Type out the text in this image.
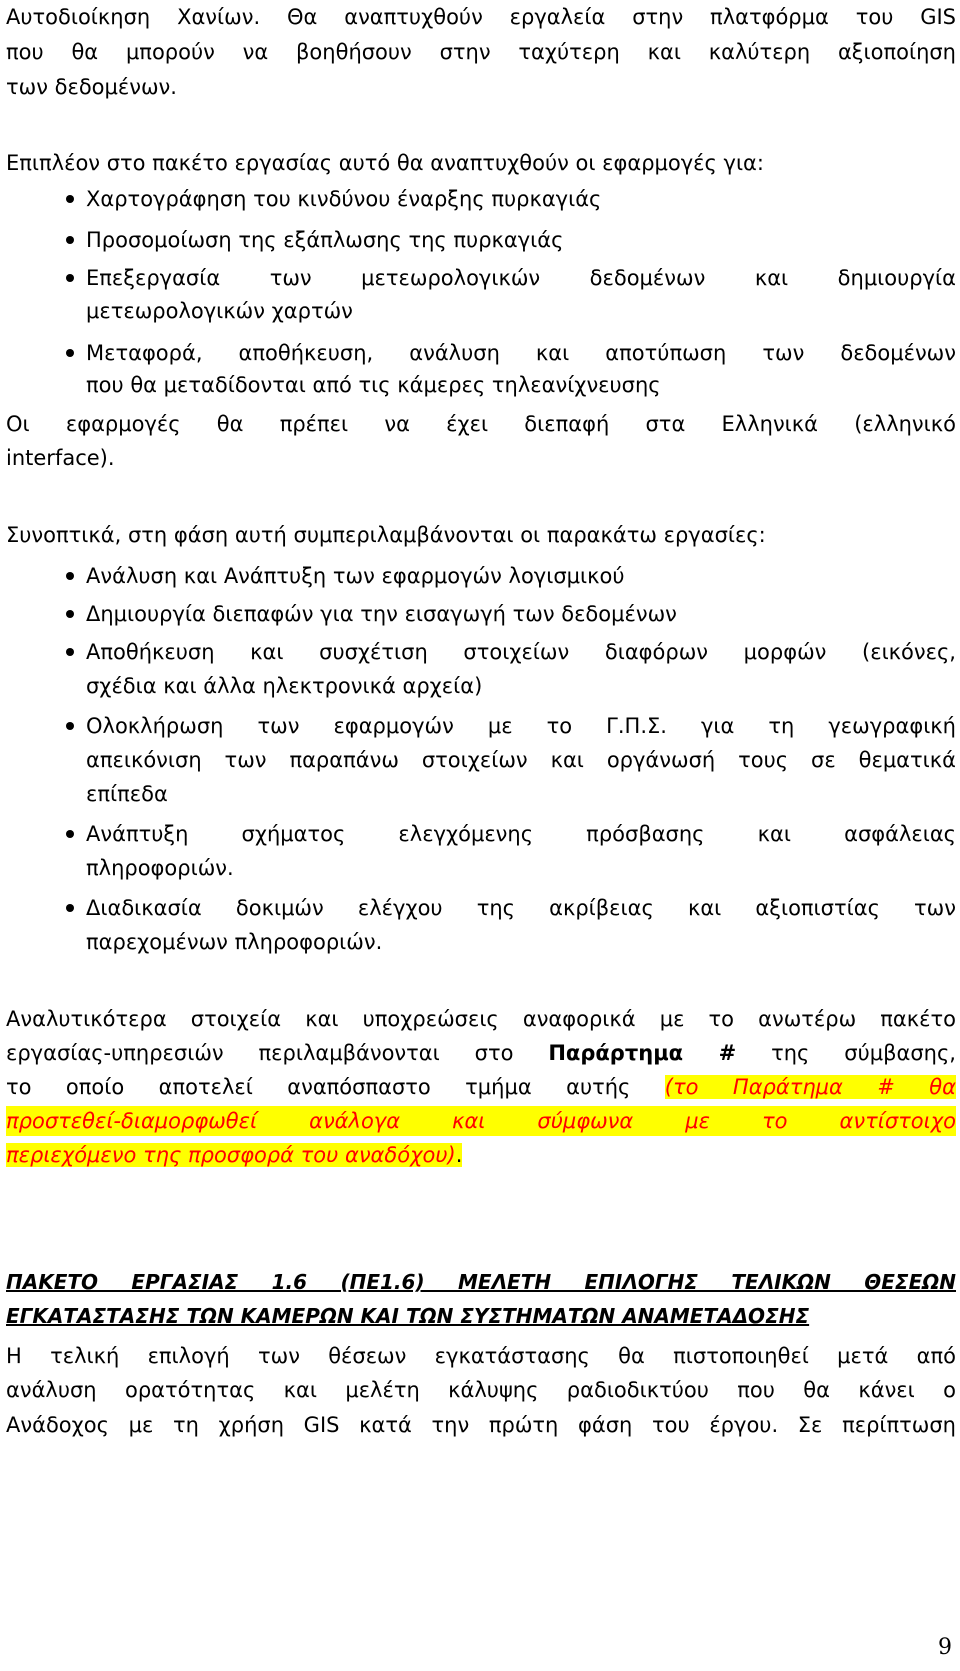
Αυτοδιοίκηση Χανίων. Θα αναπτυχθούν εργαλεία στην πλατφόρμα του GIS
που θα μπορούν να βοηθήσουν στην ταχύτερη και καλύτερη αξιοποίηση
των δεδομένων.
Επιπλέον στο πακέτο εργασίας αυτό θα αναπτυχθούν οι εφαρμογές για:
Χαρτογράφηση του κινδύνου έναρξης πυρκαγιάς
Προσομοίωση της εξάπλωσης της πυρκαγιάς
Επεξεργασία των μετεωρολογικών δεδομένων και δημιουργία
μετεωρολογικών χαρτών
Μεταφορά, αποθήκευση, ανάλυση και αποτύπωση των δεδομένων
που θα μεταδίδονται από τις κάμερες τηλεανίχνευσης
Οι εφαρμογές θα πρέπει να έχει διεπαφή στα Ελληνικά (ελληνικό
interface).
Συνοπτικά, στη φάση αυτή συμπεριλαμβάνονται οι παρακάτω εργασίες:
Ανάλυση και Ανάπτυξη των εφαρμογών λογισμικού
Δημιουργία διεπαφών για την εισαγωγή των δεδομένων
Αποθήκευση και συσχέτιση στοιχείων διαφόρων μορφών (εικόνες,
σχέδια και άλλα ηλεκτρονικά αρχεία)
Ολοκλήρωση των εφαρμογών με το Γ.Π.Σ. για τη γεωγραφική
απεικόνιση των παραπάνω στοιχείων και οργάνωσή τους σε θεματικά
επίπεδα
Ανάπτυξη σχήματος ελεγχόμενης πρόσβασης και ασφάλειας
πληροφοριών.
Διαδικασία δοκιμών ελέγχου της ακρίβειας και αξιοπιστίας των
παρεχομένων πληροφοριών.
Αναλυτικότερα στοιχεία και υποχρεώσεις αναφορικά με το ανωτέρω πακέτο
εργασίας-υπηρεσιών περιλαμβάνονται στο Παράρτημα # της σύμβασης,
το οποίο αποτελεί αναπόσπαστο τμήμα αυτής (το Παράτημα # θα
προστεθεί-διαμορφωθεί ανάλογα και σύμφωνα με το αντίστοιχο
περιεχόμενο της προσφορά του αναδόχου).
ΠΑΚΕΤΟ ΕΡΓΑΣΙΑΣ 1.6 (ΠΕ1.6) ΜΕΛΕΤΗ ΕΠΙΛΟΓΗΣ ΤΕΛΙΚΩΝ ΘΕΣΕΩΝ
ΕΓΚΑΤΑΣΤΑΣΗΣ ΤΩΝ ΚΑΜΕΡΩΝ ΚΑΙ ΤΩΝ ΣΥΣΤΗΜΑΤΩΝ ΑΝΑΜΕΤΑΔΟΣΗΣ
Η τελική επιλογή των θέσεων εγκατάστασης θα πιστοποιηθεί μετά από
ανάλυση ορατότητας και μελέτη κάλυψης ραδιοδικτύου που θα κάνει ο
Ανάδοχος με τη χρήση GIS κατά την πρώτη φάση του έργου. Σε περίπτωση
9
